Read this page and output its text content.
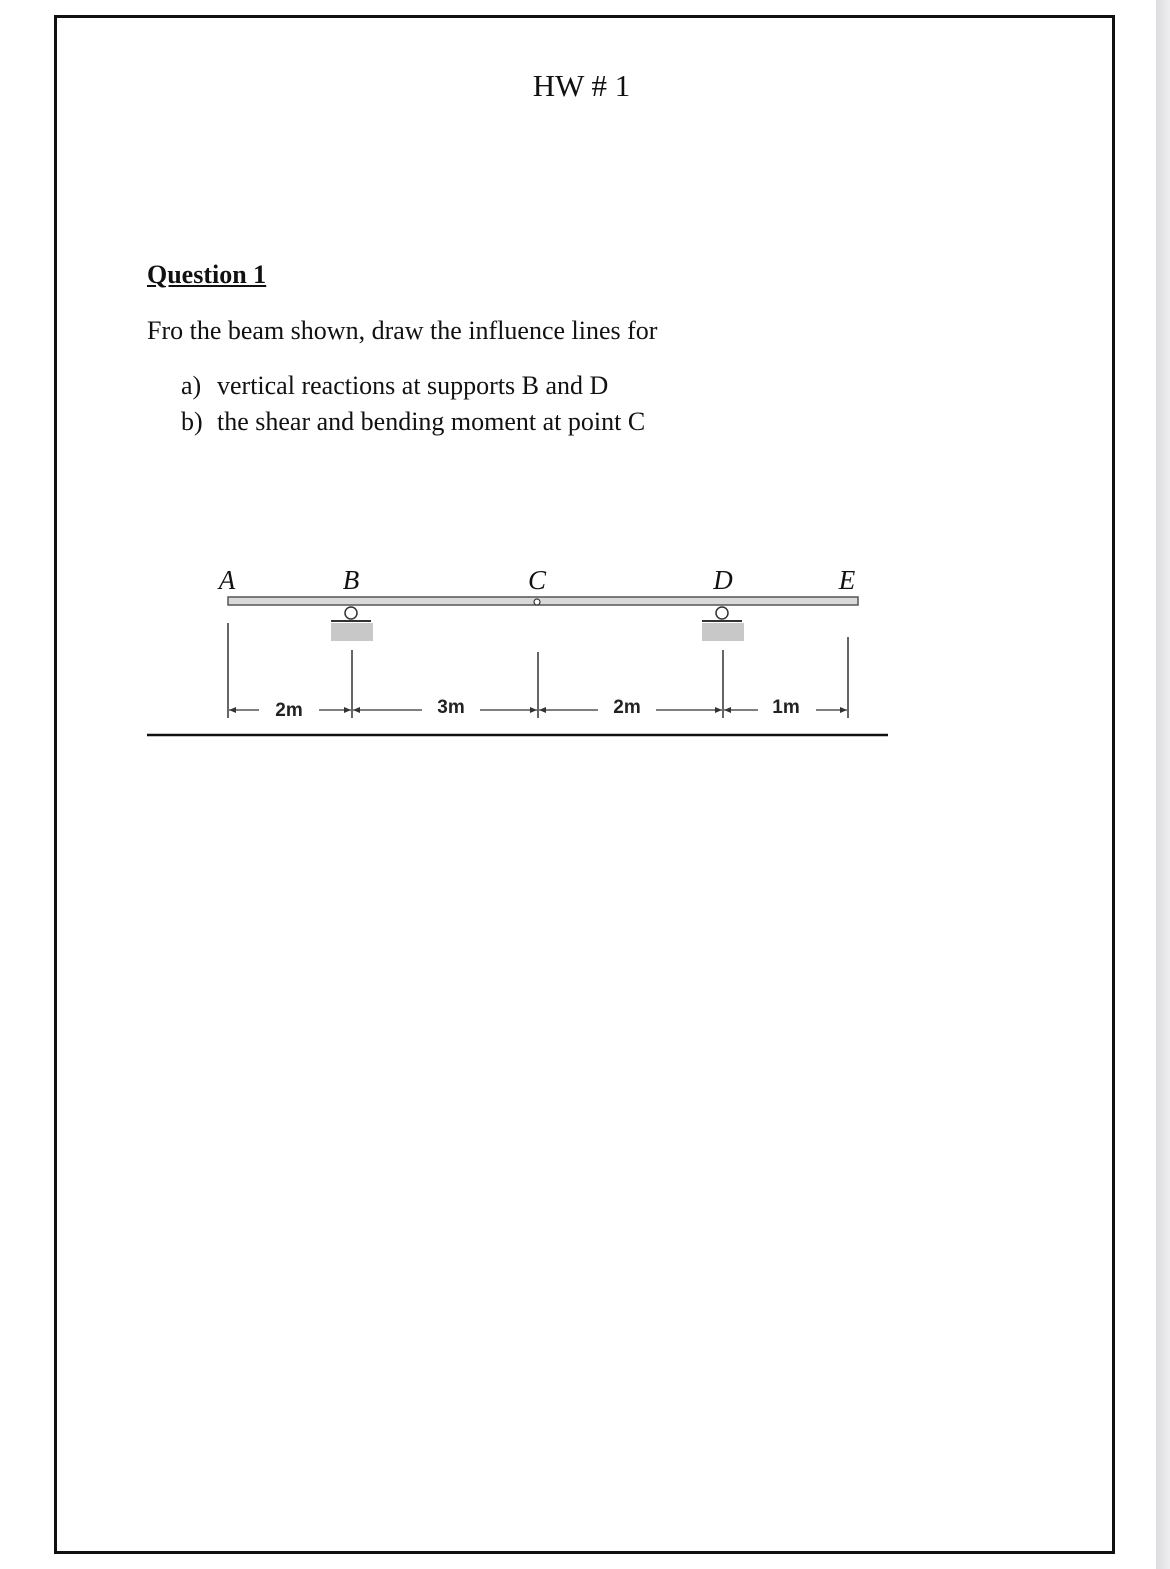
HW # 1
Question 1
Fro the beam shown, draw the influence lines for
a) vertical reactions at supports B and D
b) the shear and bending moment at point C
A	B	C	D	E
2m	3m	2m	1m
